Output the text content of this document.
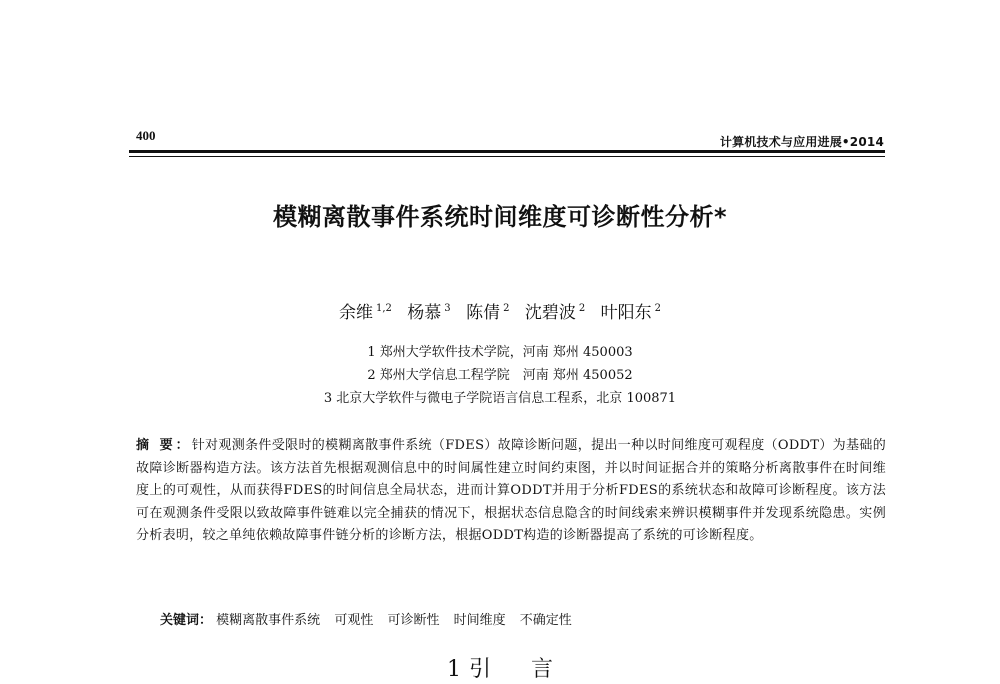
400	计算机技术与应用进展•2014
模糊离散事件系统时间维度可诊断性分析*
余维 $^{1,2}$ 杨慕 $^3$ 陈倩 $^2$ 沈碧波 $^2$ 叶阳东 $^2$
1 郑州大学软件技术学院，河南 郑州 450003
2 郑州大学信息工程学院　河南 郑州 450052
3 北京大学软件与微电子学院语言信息工程系，北京 100871
摘 要：针对观测条件受限时的模糊离散事件系统（FDES）故障诊断问题，提出一种以时间维度可观程度（ODDT）为基础的故障诊断器构造方法。该方法首先根据观测信息中的时间属性建立时间约束图，并以时间证据合并的策略分析离散事件在时间维度上的可观性，从而获得FDES的时间信息全局状态，进而计算ODDT并用于分析FDES的系统状态和故障可诊断程度。该方法可在观测条件受限以致故障事件链难以完全捕获的情况下，根据状态信息隐含的时间线索来辨识模糊事件并发现系统隐患。实例分析表明，较之单纯依赖故障事件链分析的诊断方法，根据ODDT构造的诊断器提高了系统的可诊断程度。
关键词： 模糊离散事件系统 可观性 可诊断性 时间维度 不确定性
1 引 言
